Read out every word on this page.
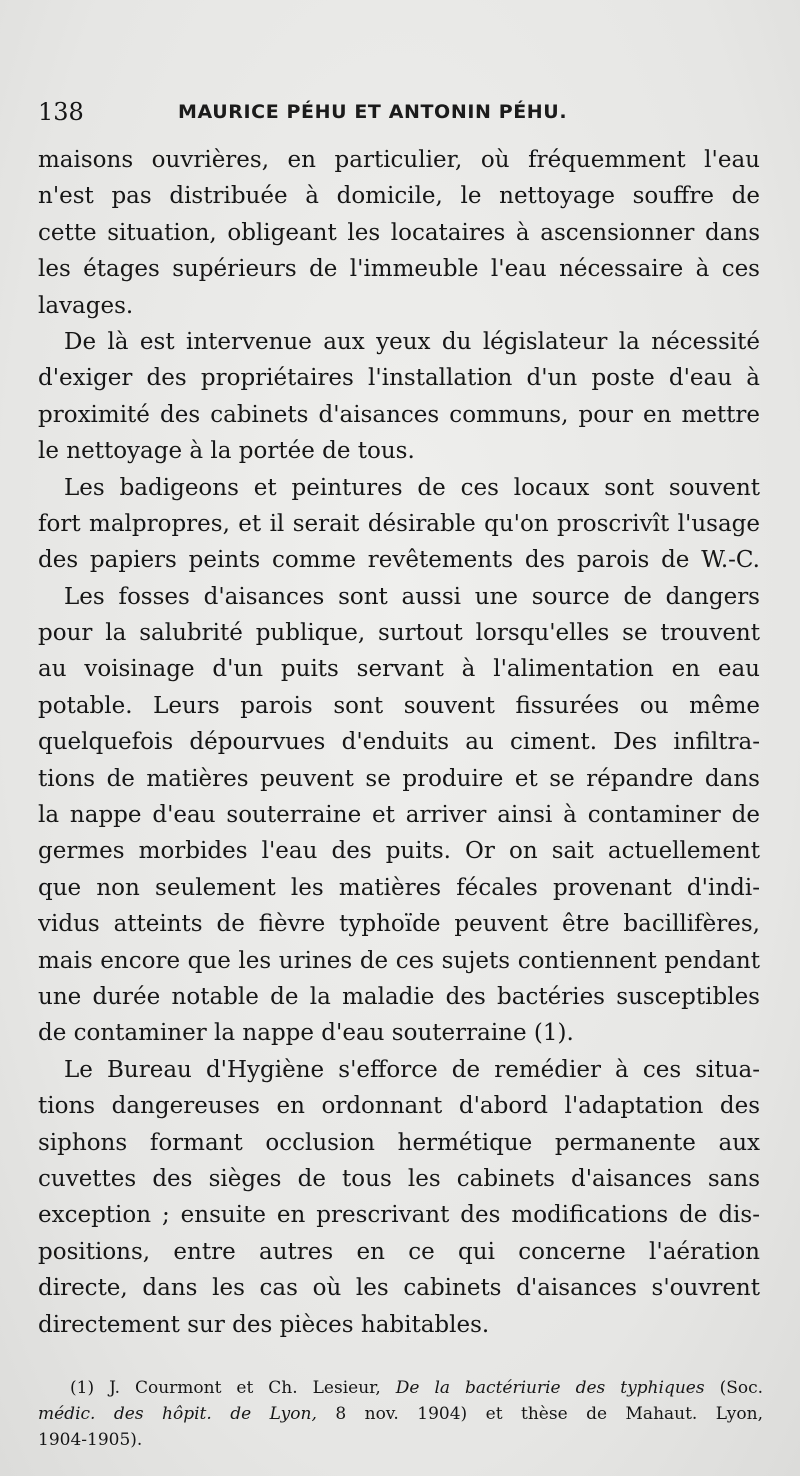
138	MAURICE PÉHU ET ANTONIN PÉHU.
maisons ouvrières, en particulier, où fréquemment l'eau
n'est pas distribuée à domicile, le nettoyage souffre de
cette situation, obligeant les locataires à ascensionner dans
les étages supérieurs de l'immeuble l'eau nécessaire à ces
lavages.
De là est intervenue aux yeux du législateur la nécessité
d'exiger des propriétaires l'installation d'un poste d'eau à
proximité des cabinets d'aisances communs, pour en mettre
le nettoyage à la portée de tous.
Les badigeons et peintures de ces locaux sont souvent
fort malpropres, et il serait désirable qu'on proscrivît l'usage
des papiers peints comme revêtements des parois de W.-C.
Les fosses d'aisances sont aussi une source de dangers
pour la salubrité publique, surtout lorsqu'elles se trouvent
au voisinage d'un puits servant à l'alimentation en eau
potable. Leurs parois sont souvent fissurées ou même
quelquefois dépourvues d'enduits au ciment. Des infiltra-
tions de matières peuvent se produire et se répandre dans
la nappe d'eau souterraine et arriver ainsi à contaminer de
germes morbides l'eau des puits. Or on sait actuellement
que non seulement les matières fécales provenant d'indi-
vidus atteints de fièvre typhoïde peuvent être bacillifères,
mais encore que les urines de ces sujets contiennent pendant
une durée notable de la maladie des bactéries susceptibles
de contaminer la nappe d'eau souterraine (1).
Le Bureau d'Hygiène s'efforce de remédier à ces situa-
tions dangereuses en ordonnant d'abord l'adaptation des
siphons formant occlusion hermétique permanente aux
cuvettes des sièges de tous les cabinets d'aisances sans
exception ; ensuite en prescrivant des modifications de dis-
positions, entre autres en ce qui concerne l'aération
directe, dans les cas où les cabinets d'aisances s'ouvrent
directement sur des pièces habitables.
(1) J. Courmont et Ch. Lesieur, De la bactériurie des typhiques (Soc.
médic. des hôpit. de Lyon, 8 nov. 1904) et thèse de Mahaut. Lyon,
1904-1905).
